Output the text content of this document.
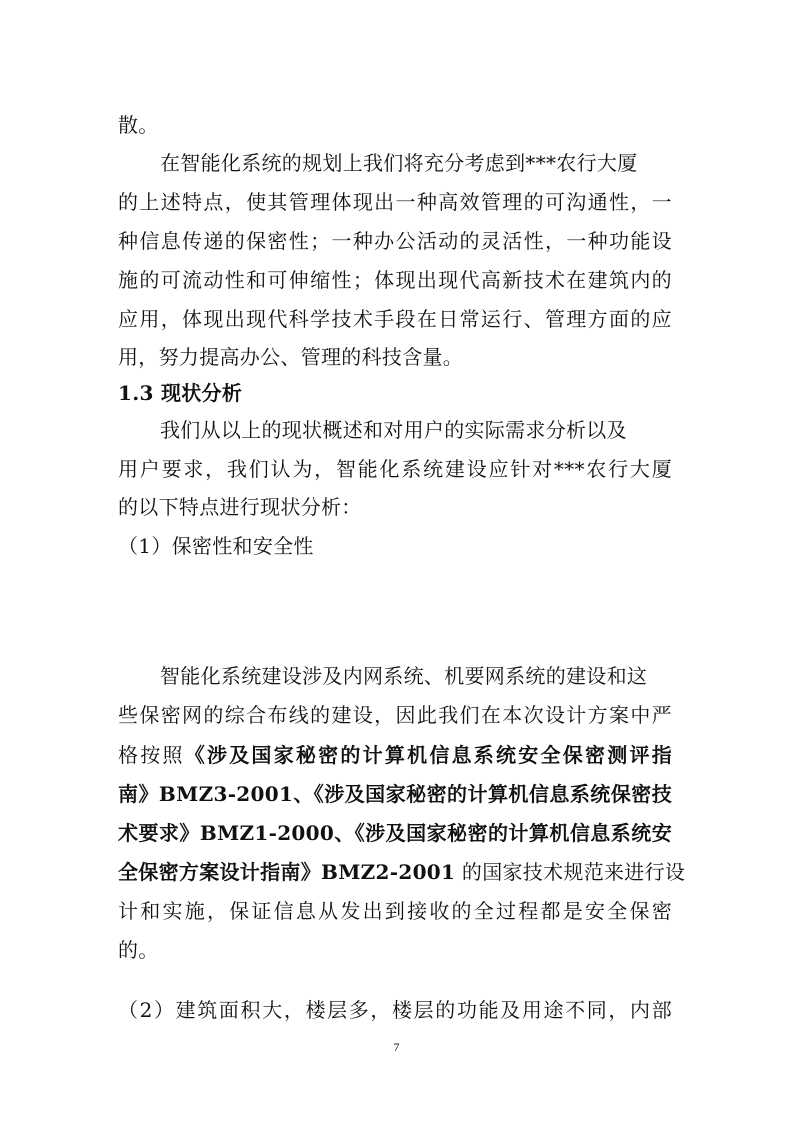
7
散。
在智能化系统的规划上我们将充分考虑到***农行大厦
的上述特点，使其管理体现出一种高效管理的可沟通性，一
种信息传递的保密性；一种办公活动的灵活性，一种功能设
施的可流动性和可伸缩性；体现出现代高新技术在建筑内的
应用，体现出现代科学技术手段在日常运行、管理方面的应
用，努力提高办公、管理的科技含量。
1.3 现状分析
我们从以上的现状概述和对用户的实际需求分析以及
用户要求，我们认为，智能化系统建设应针对***农行大厦
的以下特点进行现状分析：
（1）保密性和安全性
智能化系统建设涉及内网系统、机要网系统的建设和这
些保密网的综合布线的建设，因此我们在本次设计方案中严
格按照《涉及国家秘密的计算机信息系统安全保密测评指
南》BMZ3-2001、《涉及国家秘密的计算机信息系统保密技
术要求》BMZ1-2000、《涉及国家秘密的计算机信息系统安
全保密方案设计指南》BMZ2-2001 的国家技术规范来进行设
计和实施，保证信息从发出到接收的全过程都是安全保密
的。
（2）建筑面积大，楼层多，楼层的功能及用途不同，内部
